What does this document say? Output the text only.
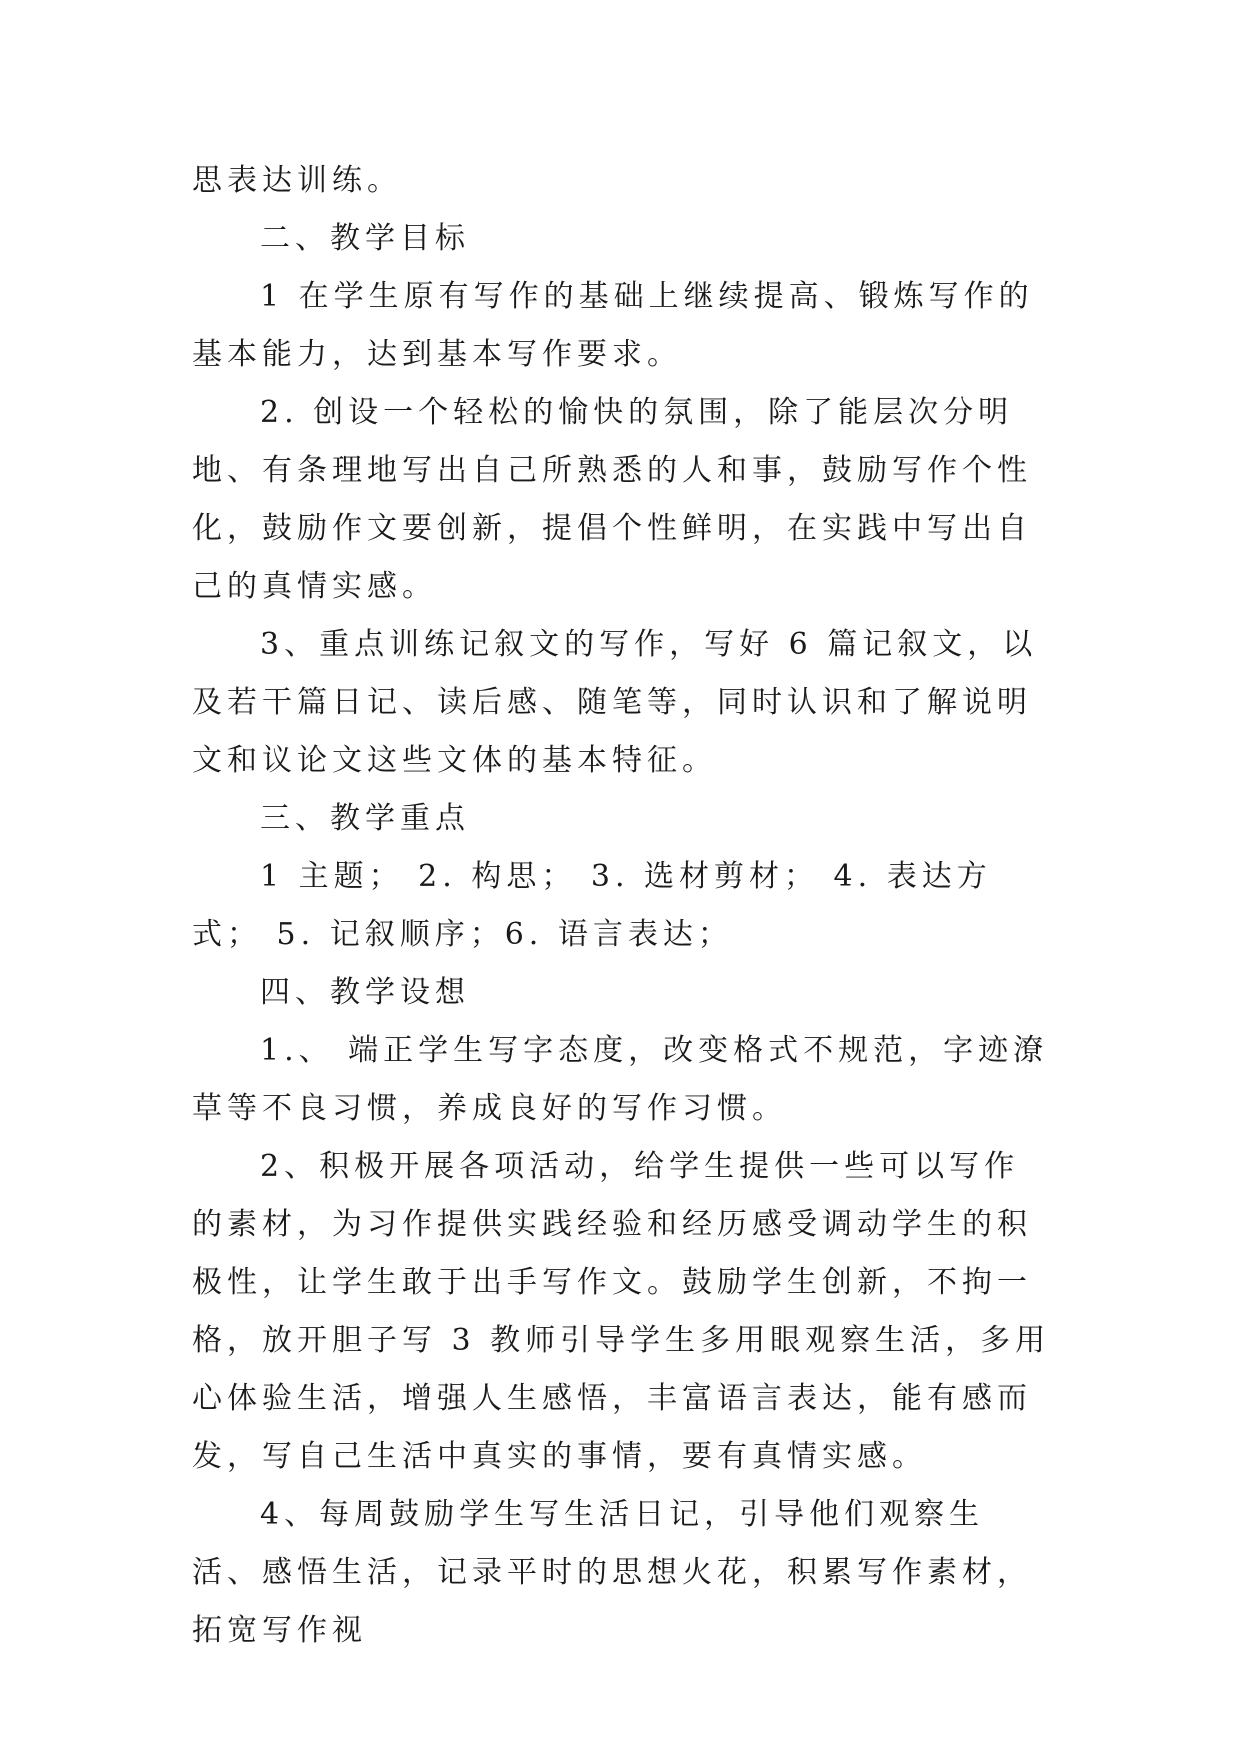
思表达训练。

二、教学目标

1 在学生原有写作的基础上继续提高、锻炼写作的基本能力，达到基本写作要求。

2. 创设一个轻松的愉快的氛围，除了能层次分明地、有条理地写出自己所熟悉的人和事，鼓励写作个性化，鼓励作文要创新，提倡个性鲜明，在实践中写出自己的真情实感。

3、重点训练记叙文的写作，写好 6 篇记叙文，以及若干篇日记、读后感、随笔等，同时认识和了解说明文和议论文这些文体的基本特征。

三、教学重点

1 主题； 2. 构思； 3. 选材剪材； 4. 表达方式； 5. 记叙顺序；6. 语言表达；

四、教学设想

1.、 端正学生写字态度，改变格式不规范，字迹潦草等不良习惯，养成良好的写作习惯。

2、积极开展各项活动，给学生提供一些可以写作的素材，为习作提供实践经验和经历感受调动学生的积极性，让学生敢于出手写作文。鼓励学生创新，不拘一格，放开胆子写 3 教师引导学生多用眼观察生活，多用心体验生活，增强人生感悟，丰富语言表达，能有感而发，写自己生活中真实的事情，要有真情实感。

4、每周鼓励学生写生活日记，引导他们观察生活、感悟生活，记录平时的思想火花，积累写作素材，拓宽写作视
